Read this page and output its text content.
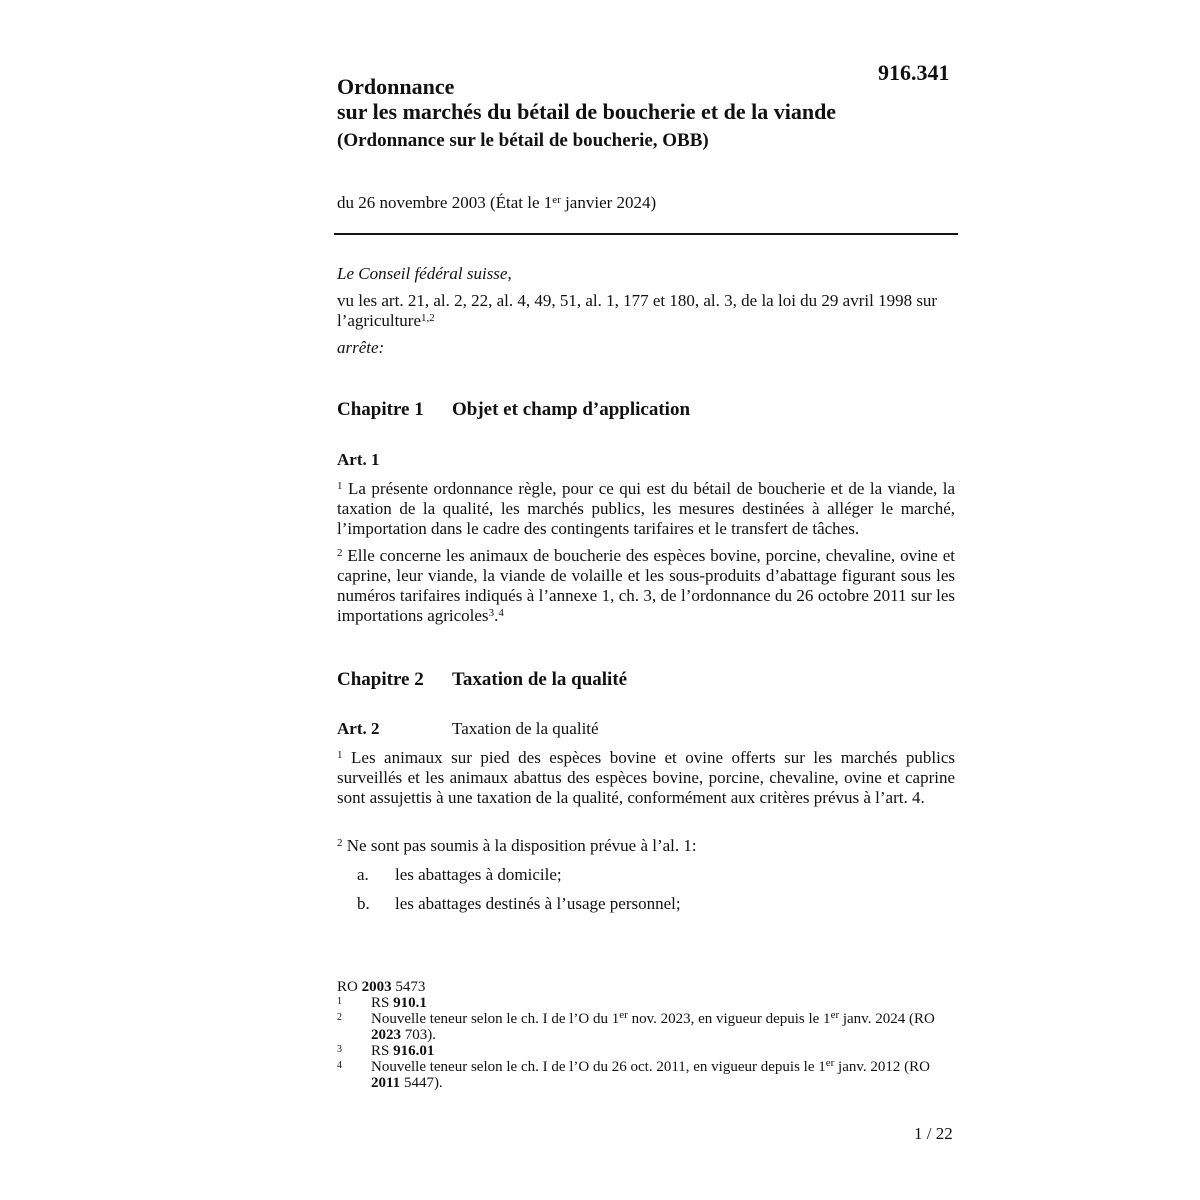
916.341
Ordonnance
sur les marchés du bétail de boucherie et de la viande
(Ordonnance sur le bétail de boucherie, OBB)
du 26 novembre 2003 (État le 1er janvier 2024)
Le Conseil fédéral suisse,
vu les art. 21, al. 2, 22, al. 4, 49, 51, al. 1, 177 et 180, al. 3, de la loi du 29 avril 1998 sur l’agriculture$^{1,2}$
arrête:
Chapitre 1 Objet et champ d’application
Art. 1
$^1$ La présente ordonnance règle, pour ce qui est du bétail de boucherie et de la viande, la taxation de la qualité, les marchés publics, les mesures destinées à alléger le marché, l’importation dans le cadre des contingents tarifaires et le transfert de tâches.
$^2$ Elle concerne les animaux de boucherie des espèces bovine, porcine, chevaline, ovine et caprine, leur viande, la viande de volaille et les sous-produits d’abattage figurant sous les numéros tarifaires indiqués à l’annexe 1, ch. 3, de l’ordonnance du 26 octobre 2011 sur les importations agricoles$^3$.$^4$
Chapitre 2 Taxation de la qualité
Art. 2	Taxation de la qualité
$^1$ Les animaux sur pied des espèces bovine et ovine offerts sur les marchés publics surveillés et les animaux abattus des espèces bovine, porcine, chevaline, ovine et caprine sont assujettis à une taxation de la qualité, conformément aux critères prévus à l’art. 4.
$^2$ Ne sont pas soumis à la disposition prévue à l’al. 1:
a. les abattages à domicile;
b. les abattages destinés à l’usage personnel;
RO 2003 5473
$^1$	RS 910.1
$^2$	Nouvelle teneur selon le ch. I de l’O du 1er nov. 2023, en vigueur depuis le 1er janv. 2024 (RO 2023 703).
$^3$	RS 916.01
$^4$	Nouvelle teneur selon le ch. I de l’O du 26 oct. 2011, en vigueur depuis le 1er janv. 2012 (RO 2011 5447).
1 / 22
